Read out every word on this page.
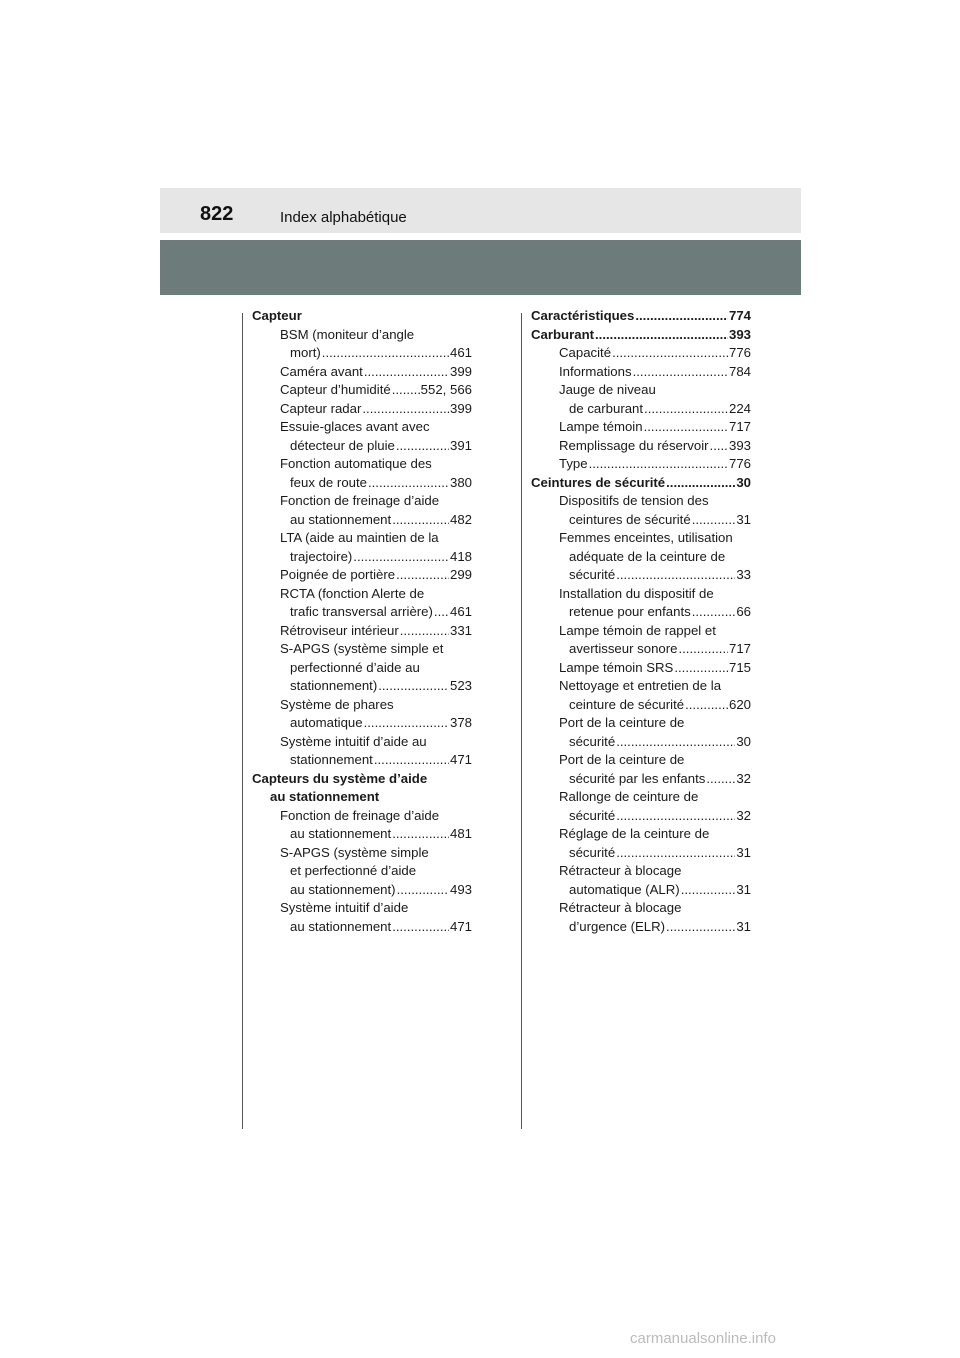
822	Index alphabétique
Capteur
BSM (moniteur d’angle
mort) .....	461
Caméra avant .....	399
Capteur d’humidité ..... 552, 566
Capteur radar .....	399
Essuie-glaces avant avec
détecteur de pluie .....	391
Fonction automatique des
feux de route .....	380
Fonction de freinage d’aide
au stationnement .....	482
LTA (aide au maintien de la
trajectoire) .....	418
Poignée de portière .....	299
RCTA (fonction Alerte de
trafic transversal arrière) ..... 461
Rétroviseur intérieur .....	331
S-APGS (système simple et
perfectionné d’aide au
stationnement) .....	523
Système de phares
automatique .....	378
Système intuitif d’aide au
stationnement .....	471
Capteurs du système d’aide
au stationnement
Fonction de freinage d’aide
au stationnement .....	481
S-APGS (système simple
et perfectionné d’aide
au stationnement) .....	493
Système intuitif d’aide
au stationnement .....	471
Caractéristiques .....	774
Carburant .....	393
Capacité .....	776
Informations .....	784
Jauge de niveau
de carburant .....	224
Lampe témoin .....	717
Remplissage du réservoir ..... 393
Type .....	776
Ceintures de sécurité .....	30
Dispositifs de tension des
ceintures de sécurité .....	31
Femmes enceintes, utilisation
adéquate de la ceinture de
sécurité .....	33
Installation du dispositif de
retenue pour enfants .....	66
Lampe témoin de rappel et
avertisseur sonore .....	717
Lampe témoin SRS .....	715
Nettoyage et entretien de la
ceinture de sécurité .....	620
Port de la ceinture de
sécurité .....	30
Port de la ceinture de
sécurité par les enfants ..... 32
Rallonge de ceinture de
sécurité .....	32
Réglage de la ceinture de
sécurité .....	31
Rétracteur à blocage
automatique (ALR) .....	31
Rétracteur à blocage
d’urgence (ELR) .....	31
carmanualsonline.info
